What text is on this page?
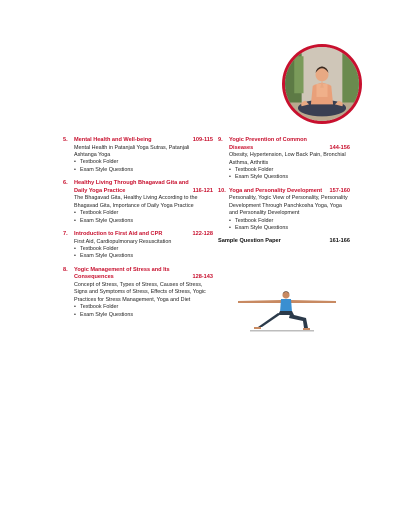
5. Mental Health and Well-being	109-115
Mental Health in Patanjali Yoga Sutras, Patanjali Ashtanga Yoga
• Textbook Folder
• Exam Style Questions
6. Healthy Living Through Bhagavad Gita and Daily Yoga Practice	116-121
The Bhagavad Gita, Healthy Living According to the Bhagavad Gita, Importance of Daily Yoga Practice
• Textbook Folder
• Exam Style Questions
7. Introduction to First Aid and CPR	122-128
First Aid, Cardiopulmonary Resuscitation
• Textbook Folder
• Exam Style Questions
8. Yogic Management of Stress and Its Consequences	128-143
Concept of Stress, Types of Stress, Causes of Stress, Signs and Symptoms of Stress, Effects of Stress, Yogic Practices for Stress Management, Yoga and Diet
• Textbook Folder
• Exam Style Questions
9. Yogic Prevention of Common Diseases	144-156
Obesity, Hypertension, Low Back Pain, Bronchial Asthma, Arthritis
• Textbook Folder
• Exam Style Questions
10. Yoga and Personality Development	157-160
Personality, Yogic View of Personality, Personality Development Through Panchkosha Yoga, Yoga and Personality Development
• Textbook Folder
• Exam Style Questions
Sample Question Paper	161-166
